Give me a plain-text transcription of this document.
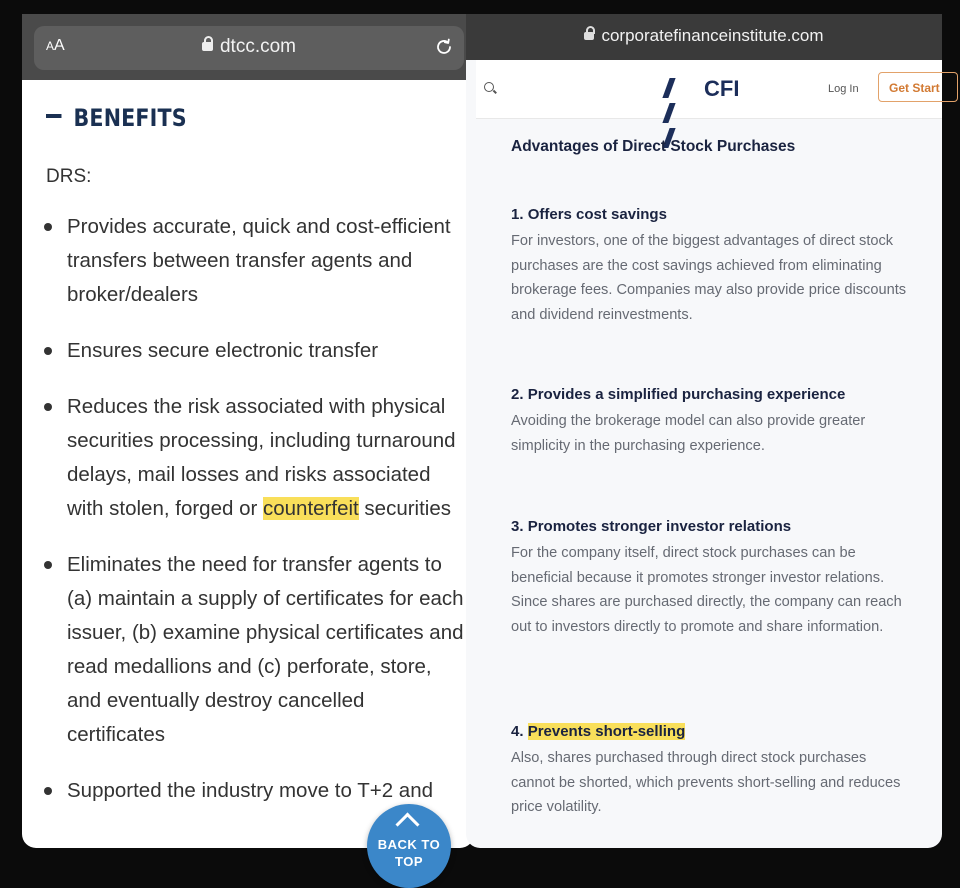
AA	dtcc.com
BENEFITS
DRS:
Provides accurate, quick and cost-efficient transfers between transfer agents and broker/dealers
Ensures secure electronic transfer
Reduces the risk associated with physical securities processing, including turnaround delays, mail losses and risks associated with stolen, forged or counterfeit securities
Eliminates the need for transfer agents to (a) maintain a supply of certificates for each issuer, (b) examine physical certificates and read medallions and (c) perforate, store, and eventually destroy cancelled certificates
Supported the industry move to T+2 and
BACK TO TOP
corporatefinanceinstitute.com
CFI	Log In	Get Start
Advantages of Direct Stock Purchases
1. Offers cost savings

For investors, one of the biggest advantages of direct stock purchases are the cost savings achieved from eliminating brokerage fees. Companies may also provide price discounts and dividend reinvestments.

2. Provides a simplified purchasing experience

Avoiding the brokerage model can also provide greater simplicity in the purchasing experience.

3. Promotes stronger investor relations

For the company itself, direct stock purchases can be beneficial because it promotes stronger investor relations. Since shares are purchased directly, the company can reach out to investors directly to promote and share information.

4. Prevents short-selling

Also, shares purchased through direct stock purchases cannot be shorted, which prevents short-selling and reduces price volatility.
